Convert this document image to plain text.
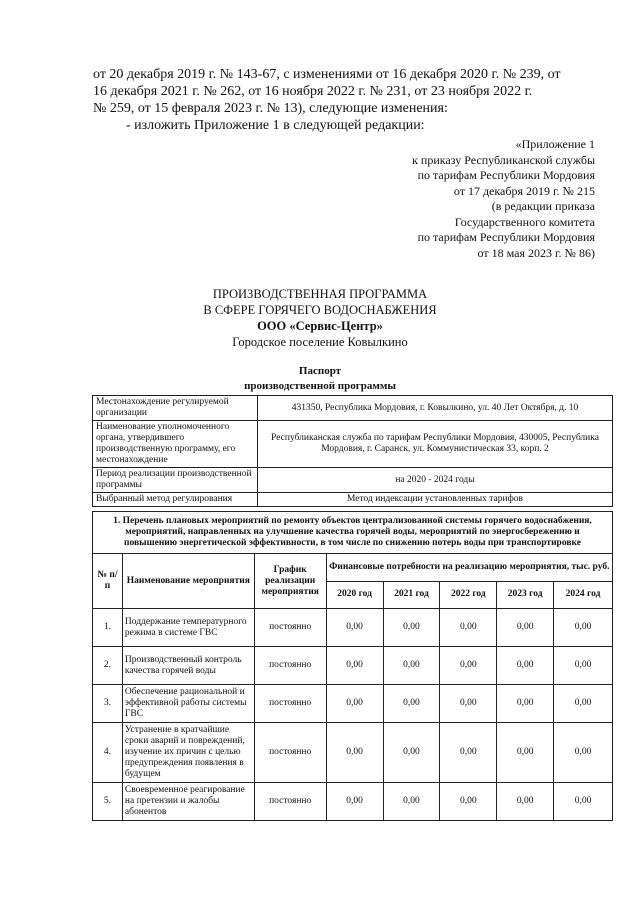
от 20 декабря 2019 г. № 143-67, с изменениями от 16 декабря 2020 г. № 239, от
16 декабря 2021 г. № 262, от 16 ноября 2022 г. № 231, от 23 ноября 2022 г.
№ 259, от 15 февраля 2023 г. № 13), следующие изменения:
- изложить Приложение 1 в следующей редакции:
«Приложение 1
к приказу Республиканской службы
по тарифам Республики Мордовия
от 17 декабря 2019 г. № 215
(в редакции приказа
Государственного комитета
по тарифам Республики Мордовия
от 18 мая 2023 г. № 86)
ПРОИЗВОДСТВЕННАЯ ПРОГРАММА
В СФЕРЕ ГОРЯЧЕГО ВОДОСНАБЖЕНИЯ
ООО «Сервис-Центр»
Городское поселение Ковылкино
Паспорт
производственной программы
Местонахождение регулируемой организации	431350, Республика Мордовия, г. Ковылкино, ул. 40 Лет Октября, д. 10
Наименование уполномоченного органа, утвердившего производственную программу, его местонахождение	Республиканская служба по тарифам Республики Мордовия, 430005, Республика Мордовия, г. Саранск, ул. Коммунистическая 33, корп. 2
Период реализации производственной программы	на 2020 - 2024 годы
Выбранный метод регулирования	Метод индексации установленных тарифов
1. Перечень плановых мероприятий по ремонту объектов централизованной системы горячего водоснабжения, мероприятий, направленных на улучшение качества горячей воды, мероприятий по энергосбережению и повышению энергетической эффективности, в том числе по снижению потерь воды при транспортировке							
№ п/п	Наименование мероприятия	График реализации мероприятия	Финансовые потребности на реализацию мероприятия, тыс. руб.				
			2020 год	2021 год	2022 год	2023 год	2024 год
1.	Поддержание температурного режима в системе ГВС	постоянно	0,00	0,00	0,00	0,00	0,00
2.	Производственный контроль качества горячей воды	постоянно	0,00	0,00	0,00	0,00	0,00
3.	Обеспечение рациональной и эффективной работы системы ГВС	постоянно	0,00	0,00	0,00	0,00	0,00
4.	Устранение в кратчайшие сроки аварий и повреждений, изучение их причин с целью предупреждения появления в будущем	постоянно	0,00	0,00	0,00	0,00	0,00
5.	Своевременное реагирование на претензии и жалобы абонентов	постоянно	0,00	0,00	0,00	0,00	0,00
